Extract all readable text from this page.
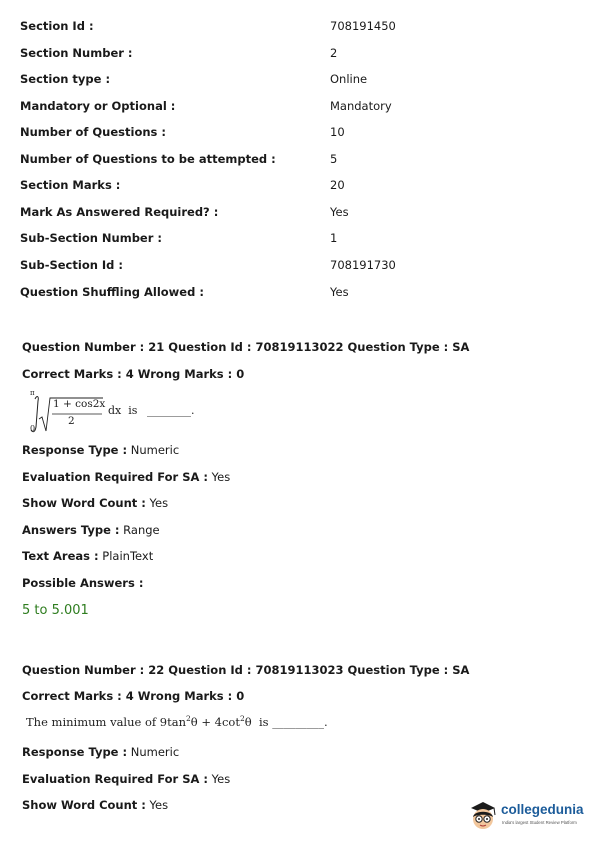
Section Id :	708191450
Section Number :	2
Section type :	Online
Mandatory or Optional :	Mandatory
Number of Questions :	10
Number of Questions to be attempted :	5
Section Marks :	20
Mark As Answered Required? :	Yes
Sub-Section Number :	1
Sub-Section Id :	708191730
Question Shuffling Allowed :	Yes
Question Number : 21 Question Id : 70819113022 Question Type : SA
Correct Marks : 4 Wrong Marks : 0
π
0
1 + cos2x
2
dx  is ________.
Response Type : Numeric
Evaluation Required For SA : Yes
Show Word Count : Yes
Answers Type : Range
Text Areas : PlainText
Possible Answers :
5 to 5.001
Question Number : 22 Question Id : 70819113023 Question Type : SA
Correct Marks : 4 Wrong Marks : 0
The minimum value of $9\tan^2\theta + 4\cot^2\theta$  is _________.
Response Type : Numeric
Evaluation Required For SA : Yes
Show Word Count : Yes	collegedunia
India's largest Student Review Platform
